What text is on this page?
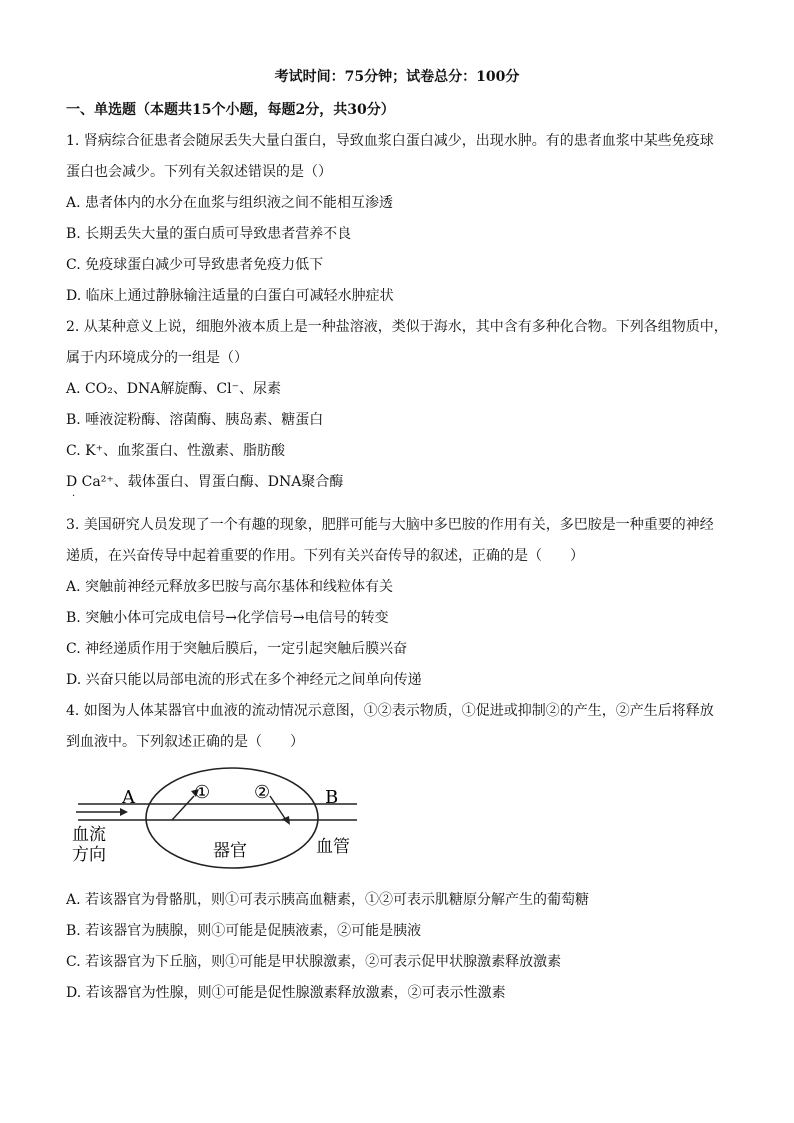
考试时间：75分钟；试卷总分：100分
一、单选题（本题共15个小题，每题2分，共30分）
1. 肾病综合征患者会随尿丢失大量白蛋白，导致血浆白蛋白减少，出现水肿。有的患者血浆中某些免疫球
蛋白也会减少。下列有关叙述错误的是（）
A. 患者体内的水分在血浆与组织液之间不能相互渗透
B. 长期丢失大量的蛋白质可导致患者营养不良
C. 免疫球蛋白减少可导致患者免疫力低下
D. 临床上通过静脉输注适量的白蛋白可减轻水肿症状
2. 从某种意义上说，细胞外液本质上是一种盐溶液，类似于海水，其中含有多种化合物。下列各组物质中，
属于内环境成分的一组是（）
A. CO₂、DNA解旋酶、Cl⁻、尿素
B. 唾液淀粉酶、溶菌酶、胰岛素、糖蛋白
C. K⁺、血浆蛋白、性激素、脂肪酸
D Ca²⁺、载体蛋白、胃蛋白酶、DNA聚合酶
·
3. 美国研究人员发现了一个有趣的现象，肥胖可能与大脑中多巴胺的作用有关，多巴胺是一种重要的神经
递质，在兴奋传导中起着重要的作用。下列有关兴奋传导的叙述，正确的是（　　）
A. 突触前神经元释放多巴胺与高尔基体和线粒体有关
B. 突触小体可完成电信号→化学信号→电信号的转变
C. 神经递质作用于突触后膜后，一定引起突触后膜兴奋
D. 兴奋只能以局部电流的形式在多个神经元之间单向传递
4. 如图为人体某器官中血液的流动情况示意图，①②表示物质，①促进或抑制②的产生，②产生后将释放
到血液中。下列叙述正确的是（　　）
A	B
① ②
血流
方向	器官	血管
A. 若该器官为骨骼肌，则①可表示胰高血糖素，①②可表示肌糖原分解产生的葡萄糖
B. 若该器官为胰腺，则①可能是促胰液素，②可能是胰液
C. 若该器官为下丘脑，则①可能是甲状腺激素，②可表示促甲状腺激素释放激素
D. 若该器官为性腺，则①可能是促性腺激素释放激素，②可表示性激素
